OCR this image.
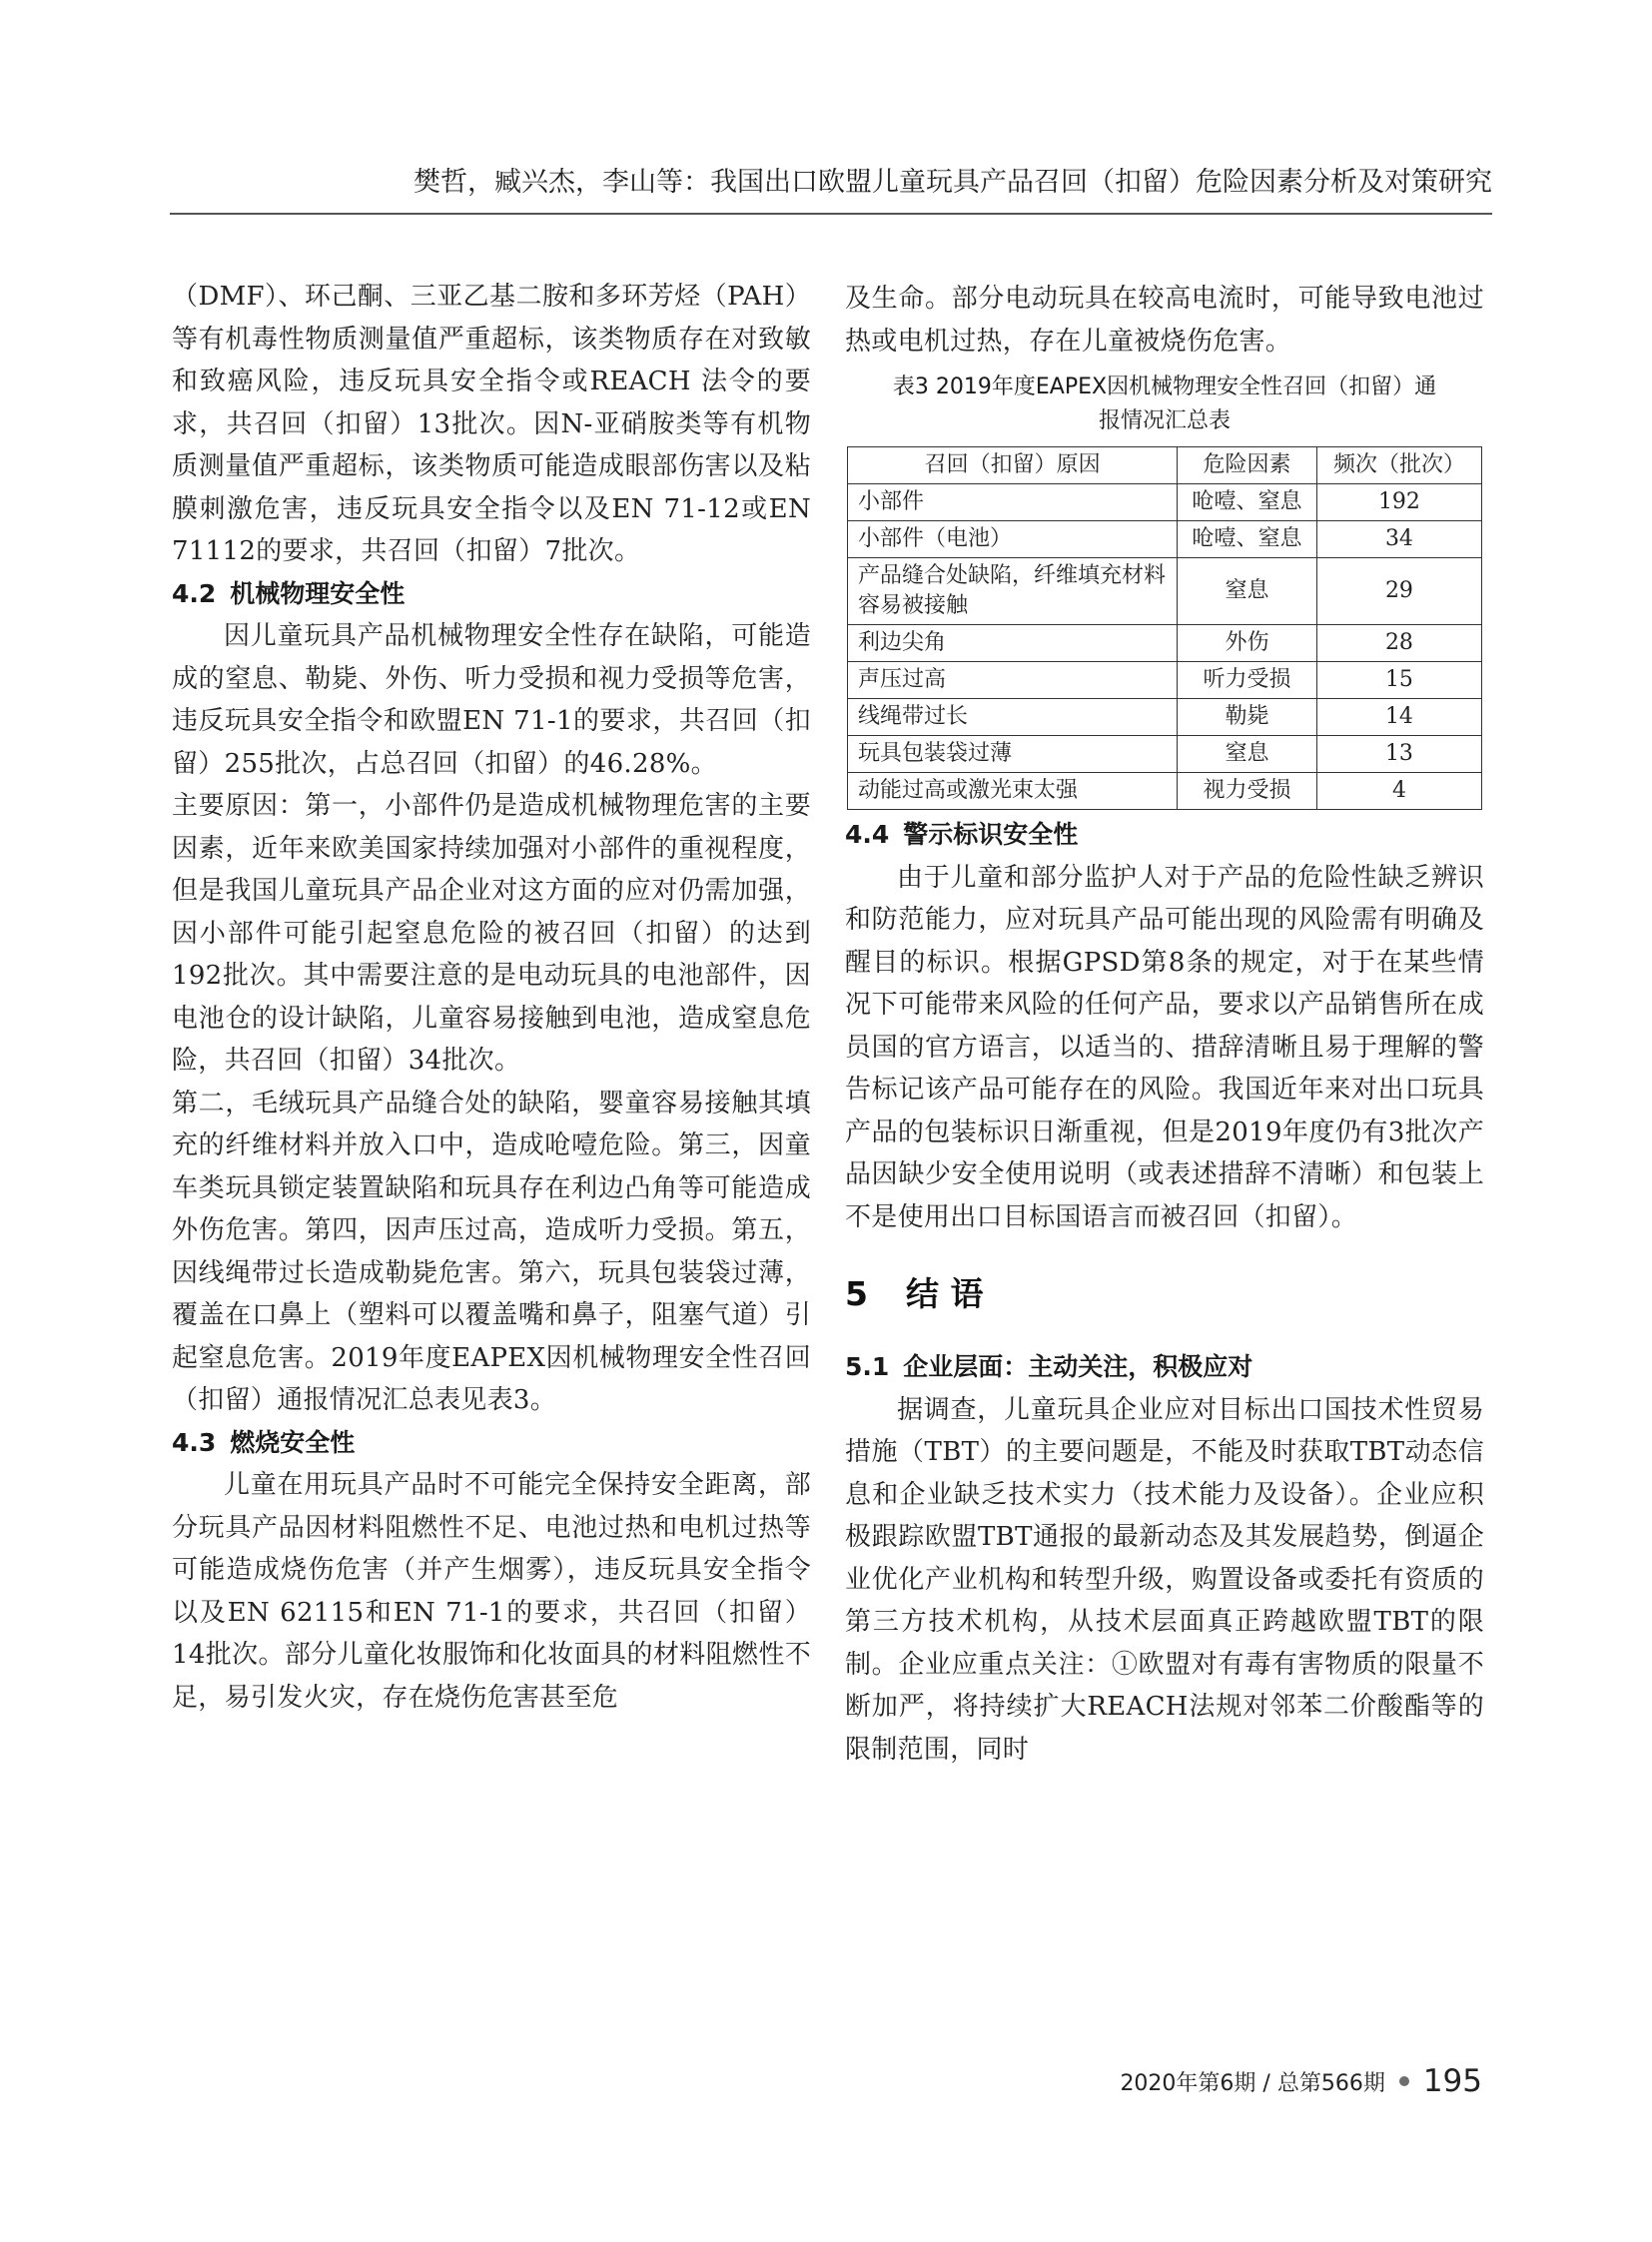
樊哲，臧兴杰，李山等：我国出口欧盟儿童玩具产品召回（扣留）危险因素分析及对策研究

（DMF）、环己酮、三亚乙基二胺和多环芳烃（PAH）等有机毒性物质测量值严重超标，该类物质存在对致敏和致癌风险，违反玩具安全指令或REACH 法令的要求，共召回（扣留）13批次。因N-亚硝胺类等有机物质测量值严重超标，该类物质可能造成眼部伤害以及粘膜刺激危害，违反玩具安全指令以及EN 71-12或EN 71112的要求，共召回（扣留）7批次。

4.2 机械物理安全性

因儿童玩具产品机械物理安全性存在缺陷，可能造成的窒息、勒毙、外伤、听力受损和视力受损等危害，违反玩具安全指令和欧盟EN 71-1的要求，共召回（扣留）255批次，占总召回（扣留）的46.28%。

主要原因：第一，小部件仍是造成机械物理危害的主要因素，近年来欧美国家持续加强对小部件的重视程度，但是我国儿童玩具产品企业对这方面的应对仍需加强，因小部件可能引起窒息危险的被召回（扣留）的达到192批次。其中需要注意的是电动玩具的电池部件，因电池仓的设计缺陷，儿童容易接触到电池，造成窒息危险，共召回（扣留）34批次。

第二，毛绒玩具产品缝合处的缺陷，婴童容易接触其填充的纤维材料并放入口中，造成呛噎危险。第三，因童车类玩具锁定装置缺陷和玩具存在利边凸角等可能造成外伤危害。第四，因声压过高，造成听力受损。第五，因线绳带过长造成勒毙危害。第六，玩具包装袋过薄，覆盖在口鼻上（塑料可以覆盖嘴和鼻子，阻塞气道）引起窒息危害。2019年度EAPEX因机械物理安全性召回（扣留）通报情况汇总表见表3。

4.3 燃烧安全性

儿童在用玩具产品时不可能完全保持安全距离，部分玩具产品因材料阻燃性不足、电池过热和电机过热等可能造成烧伤危害（并产生烟雾），违反玩具安全指令以及EN 62115和EN 71-1的要求，共召回（扣留）14批次。部分儿童化妆服饰和化妆面具的材料阻燃性不足，易引发火灾，存在烧伤危害甚至危

及生命。部分电动玩具在较高电流时，可能导致电池过热或电机过热，存在儿童被烧伤危害。

表3 2019年度EAPEX因机械物理安全性召回（扣留）通
报情况汇总表
召回（扣留）原因	危险因素	频次（批次）
小部件	呛噎、窒息	192
小部件（电池）	呛噎、窒息	34
产品缝合处缺陷，纤维填充材料容易被接触	窒息	29
利边尖角	外伤	28
声压过高	听力受损	15
线绳带过长	勒毙	14
玩具包装袋过薄	窒息	13
动能过高或激光束太强	视力受损	4
4.4 警示标识安全性

由于儿童和部分监护人对于产品的危险性缺乏辨识和防范能力，应对玩具产品可能出现的风险需有明确及醒目的标识。根据GPSD第8条的规定，对于在某些情况下可能带来风险的任何产品，要求以产品销售所在成员国的官方语言，以适当的、措辞清晰且易于理解的警告标记该产品可能存在的风险。我国近年来对出口玩具产品的包装标识日渐重视，但是2019年度仍有3批次产品因缺少安全使用说明（或表述措辞不清晰）和包装上不是使用出口目标国语言而被召回（扣留）。

5 结 语
5.1 企业层面：主动关注，积极应对

据调查，儿童玩具企业应对目标出口国技术性贸易措施（TBT）的主要问题是，不能及时获取TBT动态信息和企业缺乏技术实力（技术能力及设备）。企业应积极跟踪欧盟TBT通报的最新动态及其发展趋势，倒逼企业优化产业机构和转型升级，购置设备或委托有资质的第三方技术机构，从技术层面真正跨越欧盟TBT的限制。企业应重点关注：①欧盟对有毒有害物质的限量不断加严，将持续扩大REACH法规对邻苯二价酸酯等的限制范围，同时

2020年第6期 / 总第566期 195
